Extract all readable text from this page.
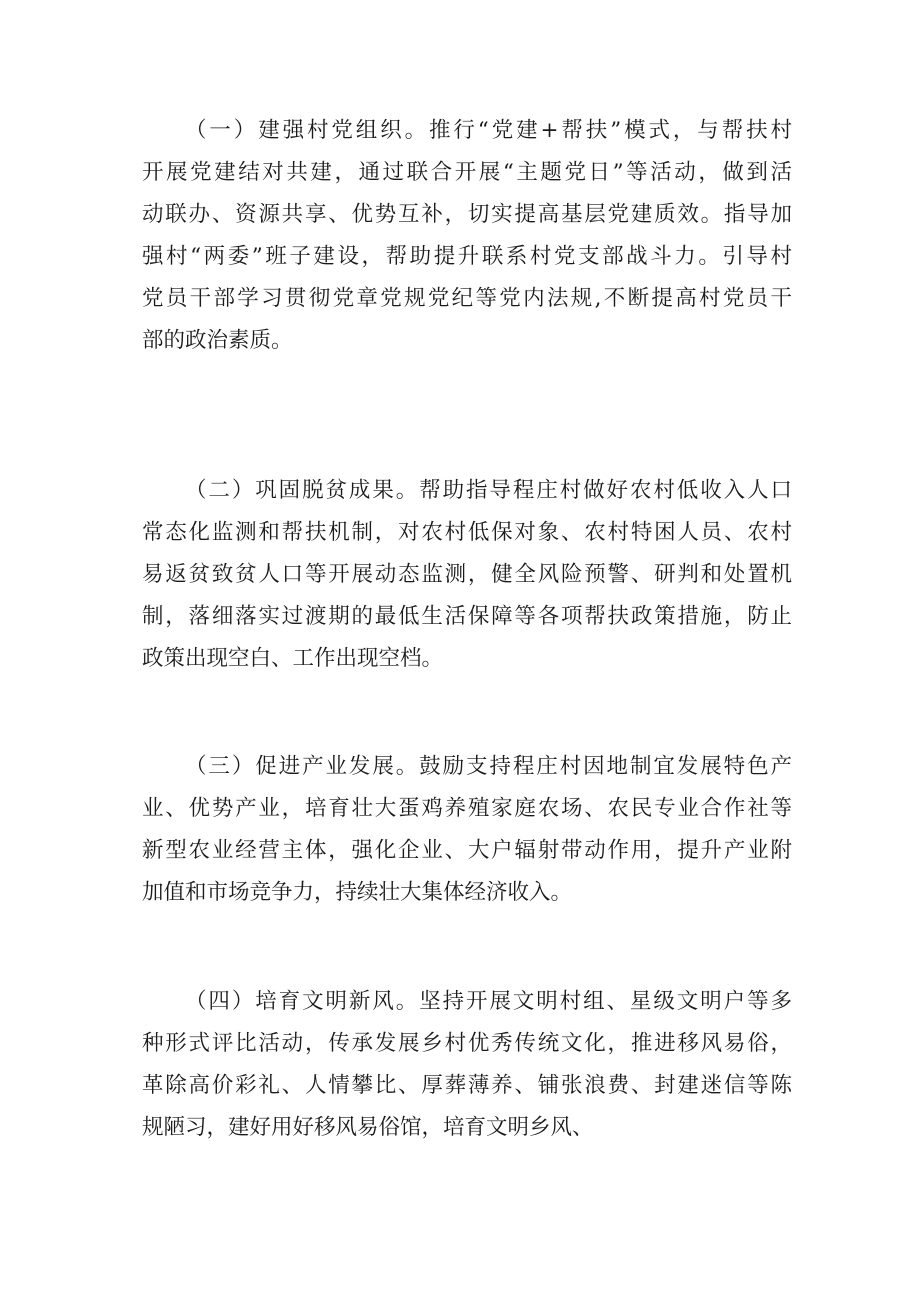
（一）建强村党组织。推行“党建+帮扶”模式，与帮扶村
开展党建结对共建，通过联合开展“主题党日”等活动，做到活
动联办、资源共享、优势互补，切实提高基层党建质效。指导加
强村“两委”班子建设，帮助提升联系村党支部战斗力。引导村
党员干部学习贯彻党章党规党纪等党内法规,不断提高村党员干
部的政治素质。
（二）巩固脱贫成果。帮助指导程庄村做好农村低收入人口
常态化监测和帮扶机制，对农村低保对象、农村特困人员、农村
易返贫致贫人口等开展动态监测，健全风险预警、研判和处置机
制，落细落实过渡期的最低生活保障等各项帮扶政策措施，防止
政策出现空白、工作出现空档。
（三）促进产业发展。鼓励支持程庄村因地制宜发展特色产
业、优势产业，培育壮大蛋鸡养殖家庭农场、农民专业合作社等
新型农业经营主体，强化企业、大户辐射带动作用，提升产业附
加值和市场竞争力，持续壮大集体经济收入。
（四）培育文明新风。坚持开展文明村组、星级文明户等多
种形式评比活动，传承发展乡村优秀传统文化，推进移风易俗，
革除高价彩礼、人情攀比、厚葬薄养、铺张浪费、封建迷信等陈
规陋习，建好用好移风易俗馆，培育文明乡风、
